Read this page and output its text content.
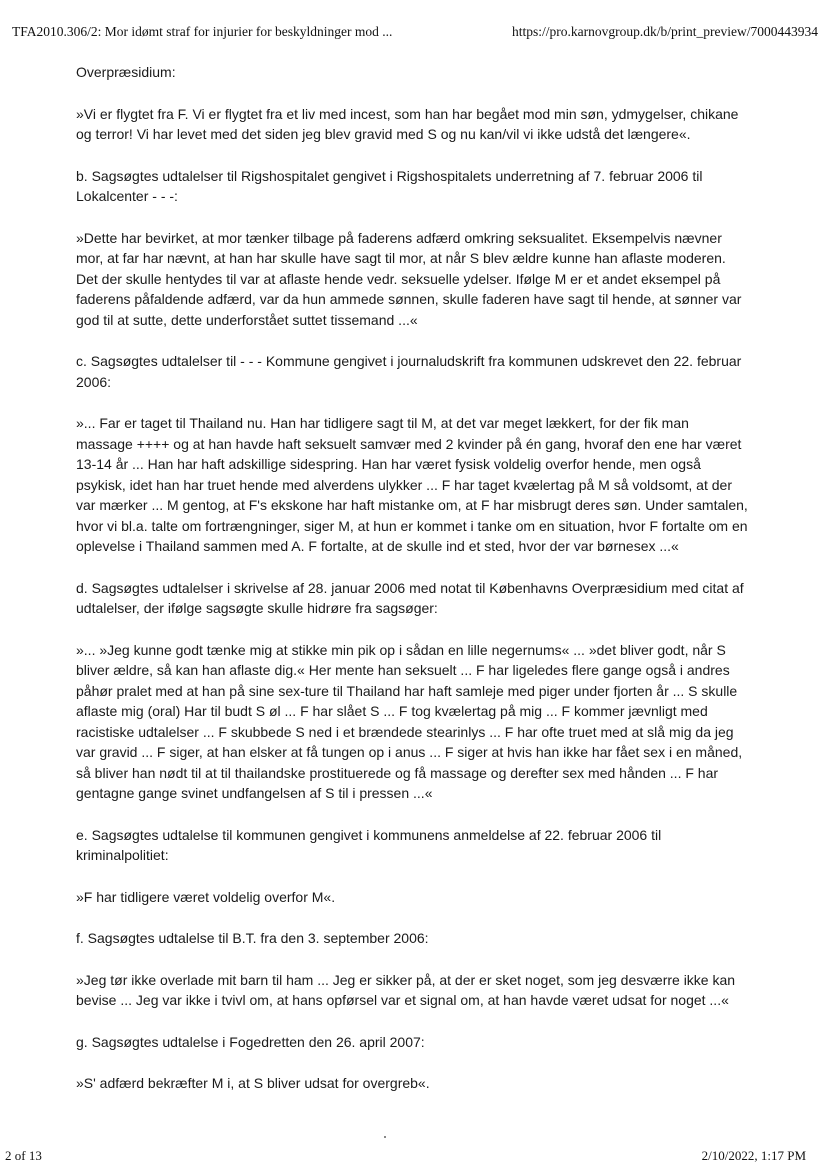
TFA2010.306/2: Mor idømt straf for injurier for beskyldninger mod ...	https://pro.karnovgroup.dk/b/print_preview/7000443934

Overpræsidium:

»Vi er flygtet fra F. Vi er flygtet fra et liv med incest, som han har begået mod min søn, ydmygelser, chikane og terror! Vi har levet med det siden jeg blev gravid med S og nu kan/vil vi ikke udstå det længere«.

b. Sagsøgtes udtalelser til Rigshospitalet gengivet i Rigshospitalets underretning af 7. februar 2006 til Lokalcenter - - -:

»Dette har bevirket, at mor tænker tilbage på faderens adfærd omkring seksualitet. Eksempelvis nævner mor, at far har nævnt, at han har skulle have sagt til mor, at når S blev ældre kunne han aflaste moderen. Det der skulle hentydes til var at aflaste hende vedr. seksuelle ydelser. Ifølge M er et andet eksempel på faderens påfaldende adfærd, var da hun ammede sønnen, skulle faderen have sagt til hende, at sønner var god til at sutte, dette underforstået suttet tissemand ...«

c. Sagsøgtes udtalelser til - - - Kommune gengivet i journaludskrift fra kommunen udskrevet den 22. februar 2006:

»... Far er taget til Thailand nu. Han har tidligere sagt til M, at det var meget lækkert, for der fik man massage ++++ og at han havde haft seksuelt samvær med 2 kvinder på én gang, hvoraf den ene har været 13-14 år ... Han har haft adskillige sidespring. Han har været fysisk voldelig overfor hende, men også psykisk, idet han har truet hende med alverdens ulykker ... F har taget kvælertag på M så voldsomt, at der var mærker ... M gentog, at F's ekskone har haft mistanke om, at F har misbrugt deres søn. Under samtalen, hvor vi bl.a. talte om fortrængninger, siger M, at hun er kommet i tanke om en situation, hvor F fortalte om en oplevelse i Thailand sammen med A. F fortalte, at de skulle ind et sted, hvor der var børnesex ...«

d. Sagsøgtes udtalelser i skrivelse af 28. januar 2006 med notat til Københavns Overpræsidium med citat af udtalelser, der ifølge sagsøgte skulle hidrøre fra sagsøger:

»... »Jeg kunne godt tænke mig at stikke min pik op i sådan en lille negernums« ... »det bliver godt, når S bliver ældre, så kan han aflaste dig.« Her mente han seksuelt ... F har ligeledes flere gange også i andres påhør pralet med at han på sine sex-ture til Thailand har haft samleje med piger under fjorten år ... S skulle aflaste mig (oral) Har til budt S øl ... F har slået S ... F tog kvælertag på mig ... F kommer jævnligt med racistiske udtalelser ... F skubbede S ned i et brændede stearinlys ... F har ofte truet med at slå mig da jeg var gravid ... F siger, at han elsker at få tungen op i anus ... F siger at hvis han ikke har fået sex i en måned, så bliver han nødt til at til thailandske prostituerede og få massage og derefter sex med hånden ... F har gentagne gange svinet undfangelsen af S til i pressen ...«

e. Sagsøgtes udtalelse til kommunen gengivet i kommunens anmeldelse af 22. februar 2006 til kriminalpolitiet:

»F har tidligere været voldelig overfor M«.

f. Sagsøgtes udtalelse til B.T. fra den 3. september 2006:

»Jeg tør ikke overlade mit barn til ham ... Jeg er sikker på, at der er sket noget, som jeg desværre ikke kan bevise ... Jeg var ikke i tvivl om, at hans opførsel var et signal om, at han havde været udsat for noget ...«

g. Sagsøgtes udtalelse i Fogedretten den 26. april 2007:

»S' adfærd bekræfter M i, at S bliver udsat for overgreb«.

2 of 13	2/10/2022, 1:17 PM
